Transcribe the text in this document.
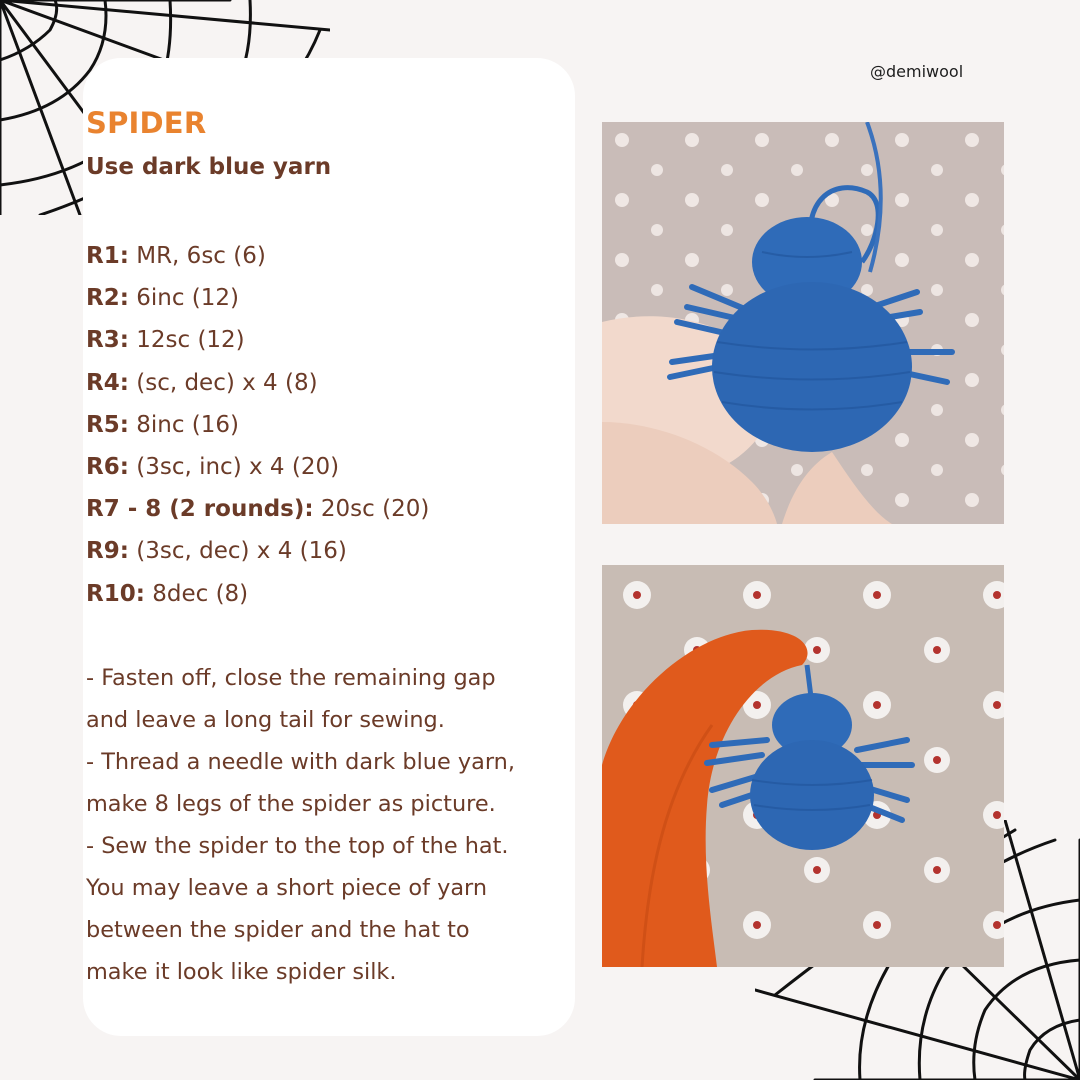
@demiwool
SPIDER
Use dark blue yarn
R1: MR, 6sc (6)
R2: 6inc (12)
R3: 12sc (12)
R4: (sc, dec) x 4 (8)
R5: 8inc (16)
R6: (3sc, inc) x 4 (20)
R7 - 8 (2 rounds): 20sc (20)
R9: (3sc, dec) x 4 (16)
R10: 8dec (8)
- Fasten off, close the remaining gap
and leave a long tail for sewing.
- Thread a needle with dark blue yarn,
make 8 legs of the spider as picture.
- Sew the spider to the top of the hat.
You may leave a short piece of yarn
between the spider and the hat to
make it look like spider silk.
